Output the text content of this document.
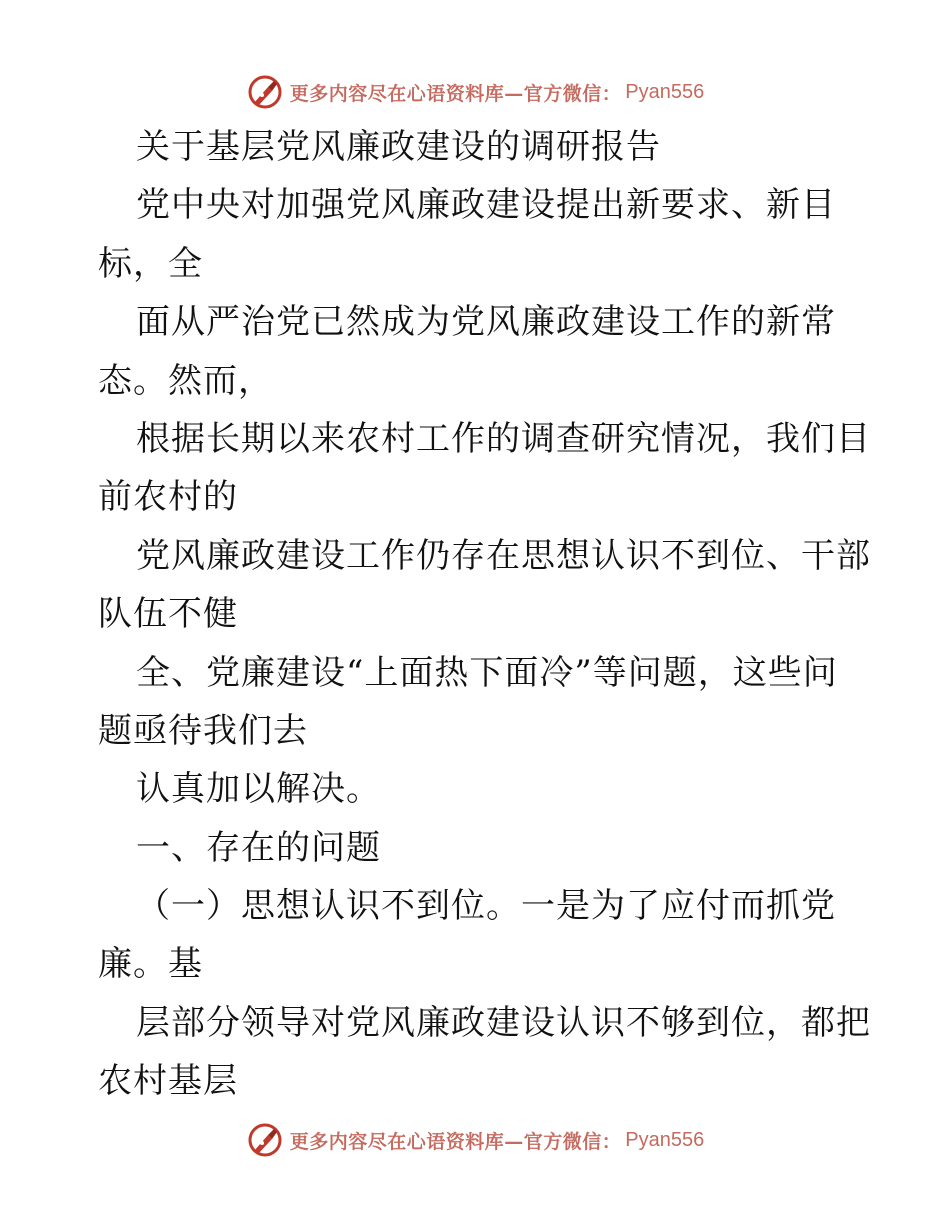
更多内容尽在心语资料库—官方微信： Pyan556
关于基层党风廉政建设的调研报告
党中央对加强党风廉政建设提出新要求、新目
标，全
面从严治党已然成为党风廉政建设工作的新常
态。然而，
根据长期以来农村工作的调查研究情况，我们目
前农村的
党风廉政建设工作仍存在思想认识不到位、干部
队伍不健
全、党廉建设“上面热下面冷”等问题，这些问
题亟待我们去
认真加以解决。
一、存在的问题
（一）思想认识不到位。一是为了应付而抓党
廉。基
层部分领导对党风廉政建设认识不够到位，都把
农村基层
更多内容尽在心语资料库—官方微信： Pyan556
